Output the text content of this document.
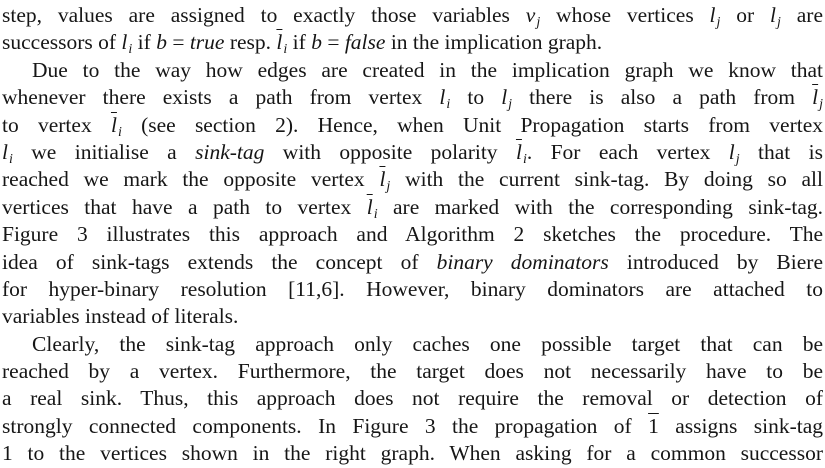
step, values are assigned to exactly those variables vj whose vertices lj or lj are
successors of li if b = true resp. $\overline{l}i$ if b = false in the implication graph.
Due to the way how edges are created in the implication graph we know that
whenever there exists a path from vertex li to lj there is also a path from $\overline{l}j$
to vertex $\overline{l}i$ (see section 2). Hence, when Unit Propagation starts from vertex
li we initialise a sink-tag with opposite polarity $\overline{l}i$. For each vertex lj that is
reached we mark the opposite vertex $\overline{l}j$ with the current sink-tag. By doing so all
vertices that have a path to vertex $\overline{l}i$ are marked with the corresponding sink-tag.
Figure 3 illustrates this approach and Algorithm 2 sketches the procedure. The
idea of sink-tags extends the concept of binary dominators introduced by Biere
for hyper-binary resolution [11,6]. However, binary dominators are attached to
variables instead of literals.
Clearly, the sink-tag approach only caches one possible target that can be
reached by a vertex. Furthermore, the target does not necessarily have to be
a real sink. Thus, this approach does not require the removal or detection of
strongly connected components. In Figure 3 the propagation of 1 assigns sink-tag
1 to the vertices shown in the right graph. When asking for a common successor
